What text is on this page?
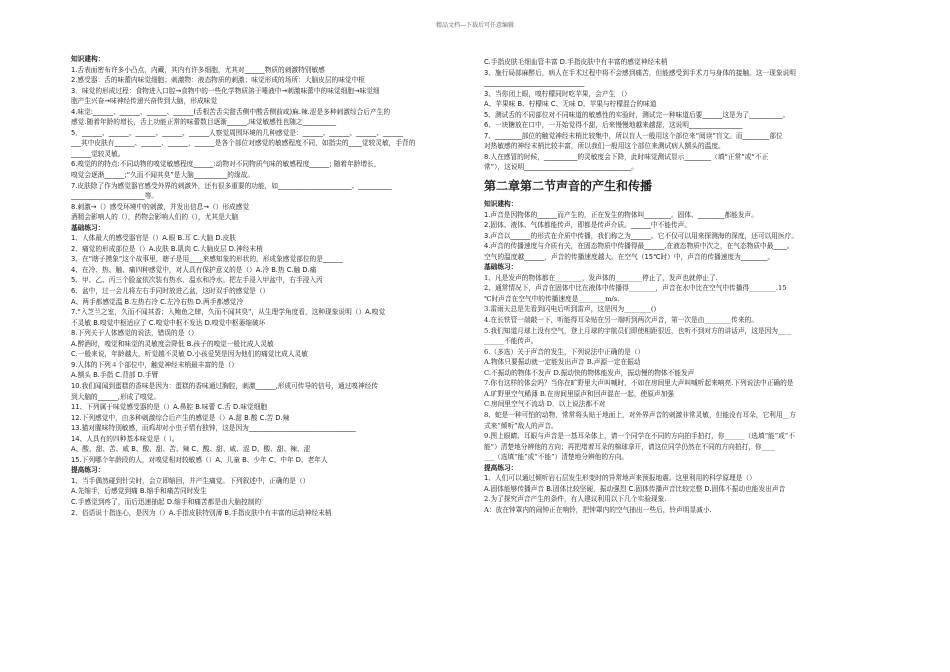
精品文档---下载后可任意编辑

知识建构：

1.舌表面密布许多小凸点，内藏，其内有许多细胞，尤其对______物质的刺激特别敏感

2.感受器：舌的味蕾内味觉细胞；刺激物：液态物质的刺激；味觉形成的场所：大脑皮层的味觉中枢

3．味觉的形成过程：食物进入口腔→食物中的一些化学物质溶于唾液中→刺激味蕾中的味觉细胞→味觉细

胞产生兴奋→味神经传递兴奋传到大脑，形成味觉

4.味觉:______、______、______、______(舌根苦舌尖甜舌侧中酸舌侧前咸)麻.辣.涩是多种刺激综合后产生的

感觉.随着年龄的增长，舌上功能正常的味蕾数目逐渐______,味觉敏感性也随之__________

5．______、______、______、______、______人察觉周围环境的几种感觉是：______、______、______、______

___其中皮肤有______、______、______，______是各个部位对感觉的敏感程度不同，如指尖的____觉较灵敏，手背的

______觉较灵敏。

6.嗅觉的的特点:不同动物的嗅觉敏感程度______:动物对不同物质气味的敏感程度______; 随着年龄增长，

嗅觉会逐渐______;“久而不闻其臭”是大脑__________的缘故。

7.皮肤除了作为感觉器官感受外界的刺激外，还有很多重要的功能，如______________________、__________

______________________等。

8.刺激→（）感受环境中的刺激，并发出信息→（）形成感觉

酒精会影响人的（），药物会影响人们的（），尤其是大脑

基础练习：

1、人体最大的感受器官是（）A.眼 B.耳 C.大脑 D.皮肤

2、痛觉的形成部位是（）A.皮肤 B.肌肉 C.大脑皮层 D.神经末梢

3、在“瞎子摸象”这个故事里，瞎子是用____来感知象的形状的，形成象感觉部位的是______

4、在冷、热、触、痛四种感觉中，对人具有保护意义的是（）A.冷 B.热 C.触 D.痛

5、甲、乙、丙三个脸盆依次装有热水、温水和冷水。把左手浸入甲盆中，右手浸入丙

6、盆中，过一会儿将左右手同时放进乙盆，这时双手的感觉是（）

A、两手都感觉温 B.左热右冷 C.左冷右热 D.两手都感觉冷

7.“入芝兰之室，久而不闻其香；入鲍鱼之肆，久而不闻其臭”，从生理学角度看，这种现象说明（）A.嗅觉

不灵敏 B.嗅觉中枢适应了 C.嗅觉中枢不发达 D.嗅觉中枢萎缩破坏

8.下列关于人体感觉的说法，错误的是（）

A.醉酒时，嗅觉和味觉的灵敏度会降低 B.孩子的嗅觉一般比成人灵敏

C.一般来说，年龄越大，听觉越不灵敏 D.小孩爱哭是因为他们的痛觉比成人灵敏

9.人体的下列４个部位中，触觉神经末梢最丰富的是（）

A.额头 B.手指 C.背部 D.手臂

10.我们闻闻到蛋糕的香味是因为：蛋糕的香味通过胸腔，刺激______,形成可传导的信号，通过嗅神经传

到大脑的______,形成了嗅觉。

11、下列属于味觉感受器的是（）A.鼻腔 B.味蕾 C.舌 D.味觉细胞

12.下列感觉中，由多种刺激综合后产生的感觉是（）A.甜 B.酸 C.苦 D.辣

13.猫对腥味特别敏感，而鸡却对小虫子情有独钟，这是因为________________________________

14、人具有的四种基本味觉是（ ）。

A、酸、甜、苦、咸 B、酸、甜、苦、辣 C、酸、甜、咸、涩 D、酸、甜、辣、涩

15.下列哪个年龄段的人，对嗅觉相对较敏感（）A、儿童 B、少年 C、中年 D、老年人

提高练习：

1、当手偶然碰到针尖时，会立即缩回，并产生痛觉。下列叙述中，正确的是（）

A.先缩手，后感觉到痛 B.缩手和痛苦同时发生

C.手感觉到疼了，而后迅速抽起 D.缩手和痛苦都是由大脑控制的

2、俗语说十指连心，是因为（）A.手指皮肤特别薄 B.手指皮肤中有丰富的运动神经末梢

C.手指皮肤毛细血管丰富 D.手指皮肤中有丰富的感觉神经末梢

3、施行局部麻醉后，病人在手术过程中将不会感到痛苦，但能感受到手术刀与身体的接触。这一现象说明

______________________________

3、当你闭上眼，嗅柠檬同时吃苹果，会产生 （）

A、苹果味 B、柠檬味 C、无味 D、苹果与柠檬混合的味道

5、测试舌的不同部位对不同味道的敏感性的实验时，测试完一种味道后要______这是为了__________。

6、一块糖放在口中，一开始觉得不甜，后来慢慢地越来越甜，这说明________________

7、________部位的触觉神经末梢比较集中，所以盲人一般用这个部位来“阅读”盲文。而________部位

对热敏感的神经末梢比较丰富，所以我们一般用这个部位来测试病人额头的温度。

8.人在感冒的时候，__________的灵敏度会下降，此时味觉测试显示________（填“正常”或“不正

常”），这说明________________________________。

第二章第二节声音的产生和传播

知识建构：

1.声音是因物体的______而产生的，正在发生的物体叫________。固体、________都能发声。

2.固体、液体、气体都能传声，即都是传声介质。______中不能传声。

3.声音以______的形式在介质中传播，我们称之为______。它不仅可以用来探测海的深度，还可以用医疗。

4.声音的传播速度与介质有关，在固态物质中传播得最______,在液态物质中次之，在气态物质中最____。

空气的温度越______，声音的传播速度越大。在空气（15℃时）中，声音的传播速度为________。

基础练习：

1、凡是发声的物体都在________，发声体的________停止了，发声也就停止了.

2、通常情况下，声音在固体中比在液体中传播得________，声音在水中比在空气中传播得________.15

℃时声音在空气中的传播速度是________m/s.

3.雷雨天总是先看到闪电后听到雷声，这是因为________()

4.在长铁管一端敲一下，听能得耳朵贴在另一端听到两次声音，第一次是由________传来的。

5.我们知道月球上没有空气，登上月球的宇航员们即使相距很近，也听不到对方的讲话声，这是因为____

______不能传声。

6.（多选）关于声音的发生，下列说法中正确的是（）

A.物体只要振动就一定能发出声音 B.声源一定在振动

C.不振动的物体不发声 D.振动快的物体能发声，振动慢的物体不能发声

7.你有这样的体会吗？当你在旷野里大声叫喊时，不如在房间里大声叫喊听起来响亮.下列说法中正确的是

A.旷野里空气稀薄 B.在房间里原声和回声混在一起，使原声加强

C.房间里空气不流动 D．以上说法都不对

8、蛇是一种可怕的动物，常常将头贴于地面上，对外界声音的刺激非常灵敏，但能没有耳朵，它利用__方

式来“倾听”敌人的声音。

9.图上眼睛、耳眼与声音是一基耳朵体上，请一个同学在不同的方向拍手拍打，你______（选填“能”或“不

能”）清楚地分辨他的方向；再把堵着耳朵的棉球拿开，请这位同学仍然在不同的方向拍打，你____

___（选填“能”或“不能”）清楚地分辨他的方向。

提高练习：

1、人们可以通过倾听岩石层发生形变时的异常地声来预报地震。这里利用的科学原理是（）

A.固体能够传播声音 B.固体比较坚硬，振动强烈 C.固体传播声音比较完整 D.固体不振动也能发出声音

2.为了探究声音产生的条件，有人建议利用以下几个实验现象.

A：放在钟罩内的闹钟正在响铃，把钟罩内的空气抽出一些后，铃声明显减小.
